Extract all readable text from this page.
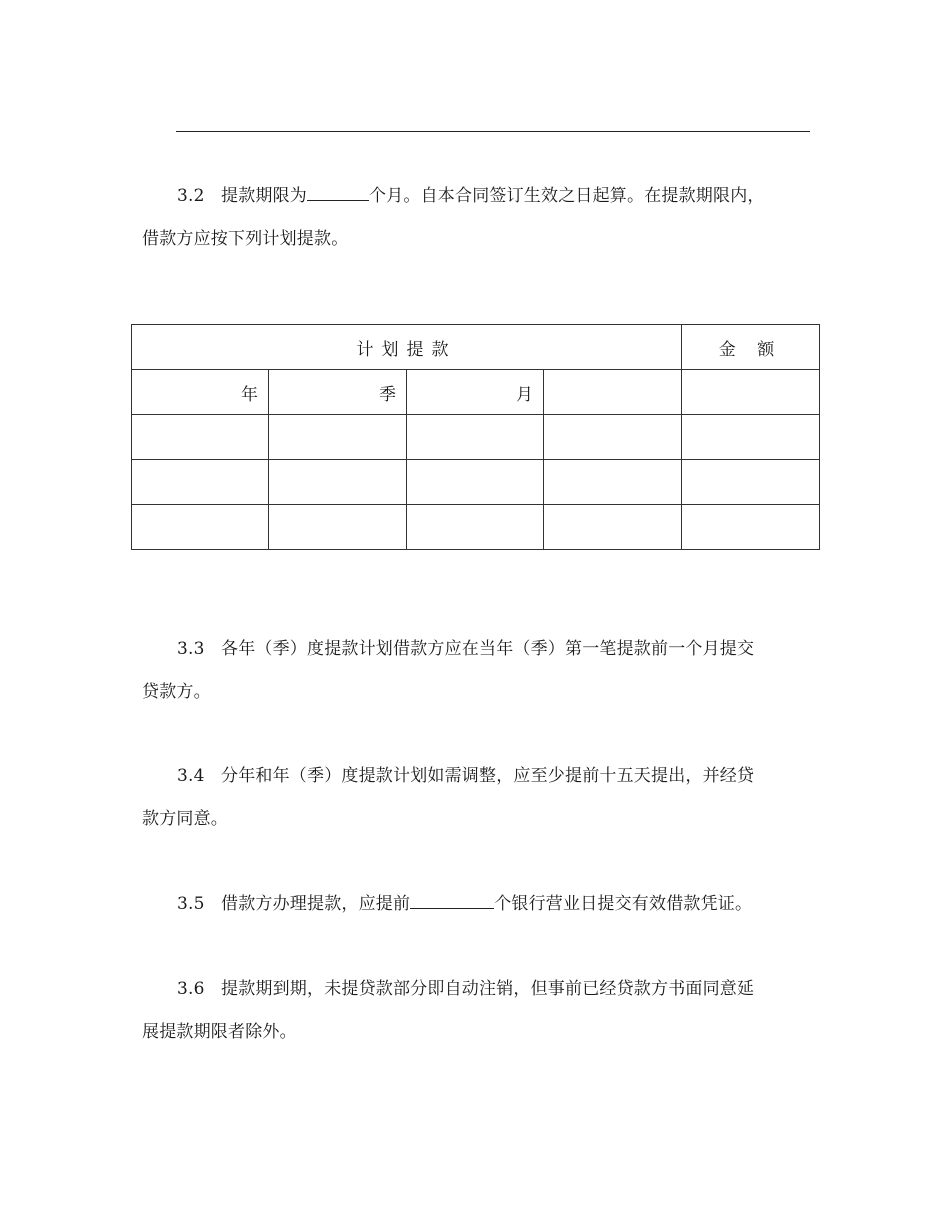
3.2 提款期限为	个月。自本合同签订生效之日起算。在提款期限内，
借款方应按下列计划提款。

计划提款				金 额
年	季	月		

3.3 各年（季）度提款计划借款方应在当年（季）第一笔提款前一个月提交
贷款方。

3.4 分年和年（季）度提款计划如需调整，应至少提前十五天提出，并经贷
款方同意。

3.5 借款方办理提款，应提前	个银行营业日提交有效借款凭证。

3.6 提款期到期，未提贷款部分即自动注销，但事前已经贷款方书面同意延
展提款期限者除外。
